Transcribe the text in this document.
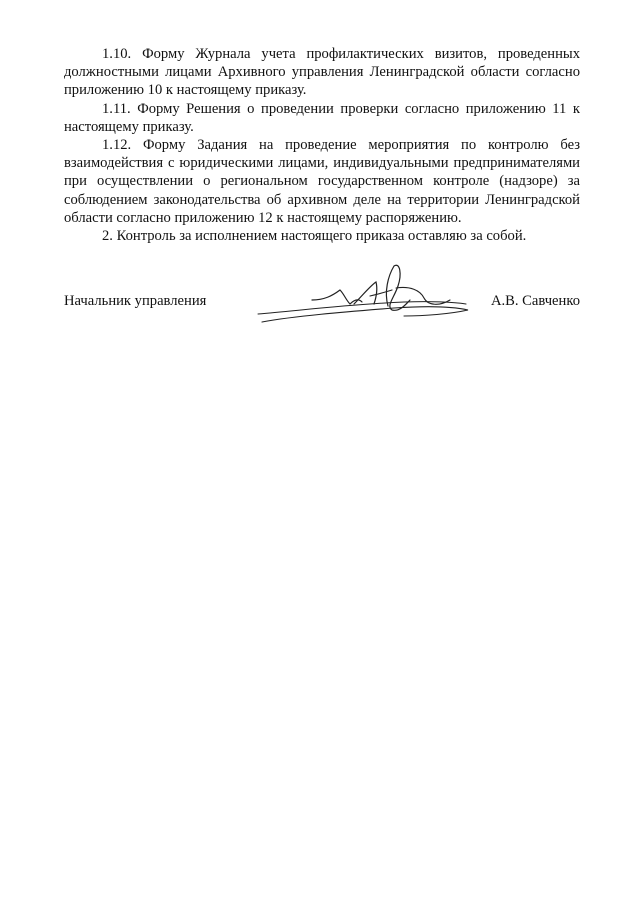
1.10. Форму Журнала учета профилактических визитов, проведенных должностными лицами Архивного управления Ленинградской области согласно приложению 10 к настоящему приказу.

1.11. Форму Решения о проведении проверки согласно приложению 11 к настоящему приказу.

1.12. Форму Задания на проведение мероприятия по контролю без взаимодействия с юридическими лицами, индивидуальными предпринимателями при осуществлении о региональном государственном контроле (надзоре) за соблюдением законодательства об архивном деле на территории Ленинградской области согласно приложению 12 к настоящему распоряжению.

2. Контроль за исполнением настоящего приказа оставляю за собой.

Начальник управления	А.В. Савченко
